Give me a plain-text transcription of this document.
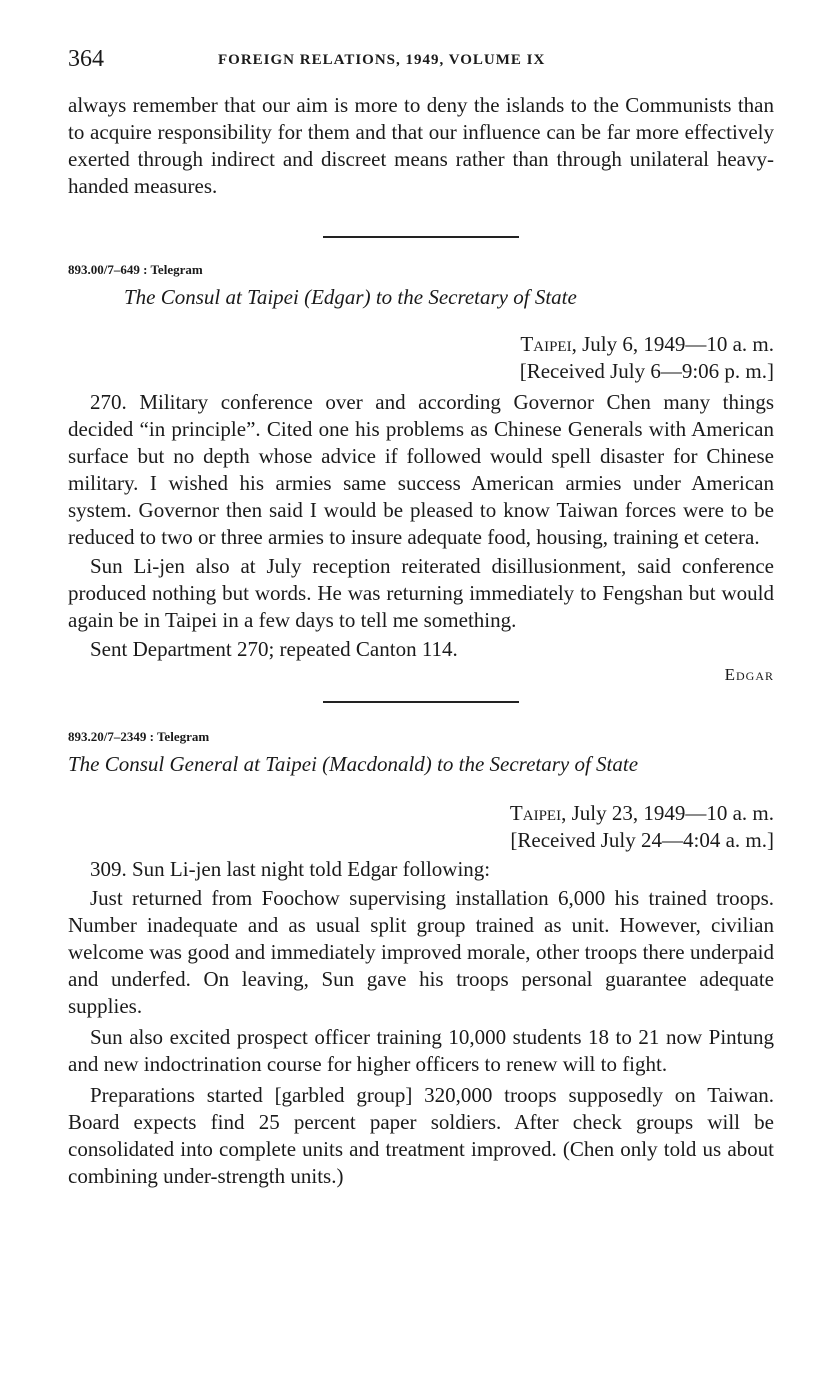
364	FOREIGN RELATIONS, 1949, VOLUME IX

always remember that our aim is more to deny the islands to the Communists than to acquire responsibility for them and that our influence can be far more effectively exerted through indirect and discreet means rather than through unilateral heavy-handed measures.

893.00/7–649 : Telegram

The Consul at Taipei (Edgar) to the Secretary of State

Taipei, July 6, 1949—10 a. m.

[Received July 6—9:06 p. m.]

270. Military conference over and according Governor Chen many things decided “in principle”. Cited one his problems as Chinese Generals with American surface but no depth whose advice if followed would spell disaster for Chinese military. I wished his armies same success American armies under American system. Governor then said I would be pleased to know Taiwan forces were to be reduced to two or three armies to insure adequate food, housing, training et cetera.

Sun Li-jen also at July reception reiterated disillusionment, said conference produced nothing but words. He was returning immediately to Fengshan but would again be in Taipei in a few days to tell me something.

Sent Department 270; repeated Canton 114.

Edgar

893.20/7–2349 : Telegram

The Consul General at Taipei (Macdonald) to the Secretary of State

Taipei, July 23, 1949—10 a. m.

[Received July 24—4:04 a. m.]

309. Sun Li-jen last night told Edgar following:

Just returned from Foochow supervising installation 6,000 his trained troops. Number inadequate and as usual split group trained as unit. However, civilian welcome was good and immediately improved morale, other troops there underpaid and underfed. On leaving, Sun gave his troops personal guarantee adequate supplies.

Sun also excited prospect officer training 10,000 students 18 to 21 now Pintung and new indoctrination course for higher officers to renew will to fight.

Preparations started [garbled group] 320,000 troops supposedly on Taiwan. Board expects find 25 percent paper soldiers. After check groups will be consolidated into complete units and treatment improved. (Chen only told us about combining under-strength units.)
